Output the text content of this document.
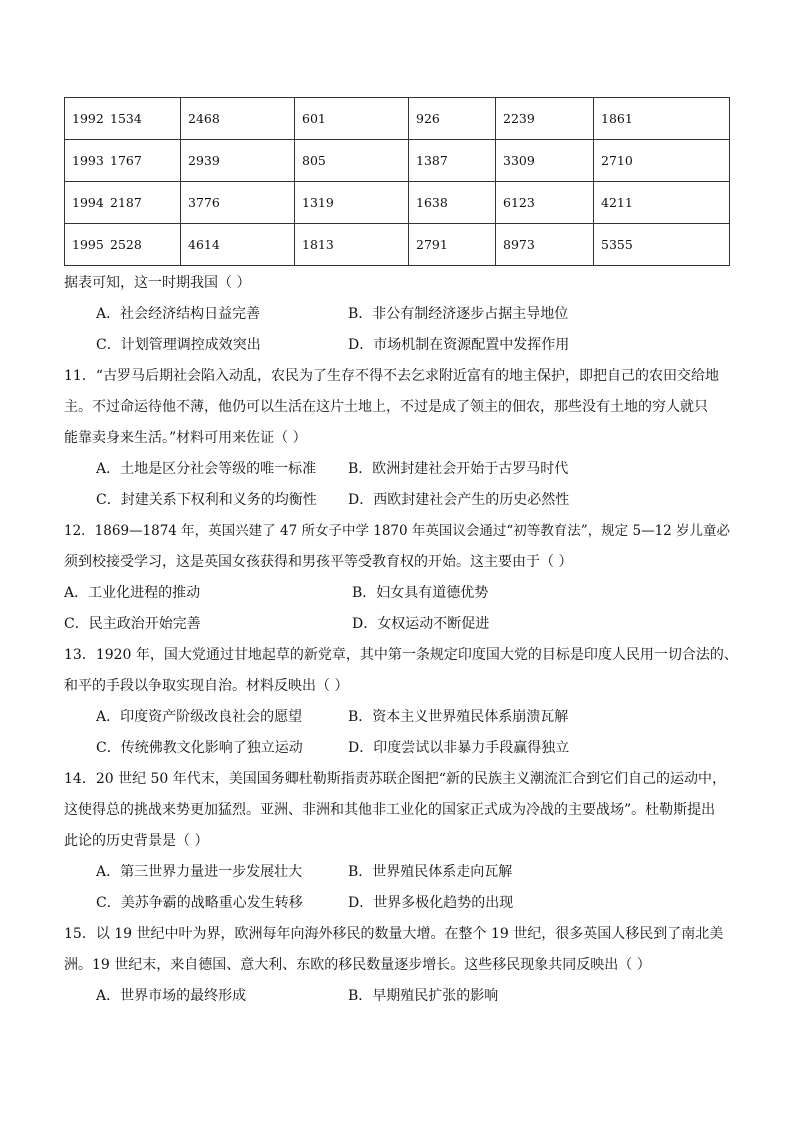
1992	1534	2468	601	926	2239	1861
1993	1767	2939	805	1387	3309	2710
1994	2187	3776	1319	1638	6123	4211
1995	2528	4614	1813	2791	8973	5355
据表可知，这一时期我国（ ）
A．社会经济结构日益完善	B．非公有制经济逐步占据主导地位
C．计划管理调控成效突出	D．市场机制在资源配置中发挥作用
11．“古罗马后期社会陷入动乱，农民为了生存不得不去乞求附近富有的地主保护，即把自己的农田交给地
主。不过命运待他不薄，他仍可以生活在这片土地上，不过是成了领主的佃农，那些没有土地的穷人就只
能靠卖身来生活。”材料可用来佐证（ ）
A．土地是区分社会等级的唯一标准 B．欧洲封建社会开始于古罗马时代
C．封建关系下权利和义务的均衡性 D．西欧封建社会产生的历史必然性
12．1869—1874 年，英国兴建了 47 所女子中学 1870 年英国议会通过“初等教育法”，规定 5—12 岁儿童必
须到校接受学习，这是英国女孩获得和男孩平等受教育权的开始。这主要由于（ ）
A．工业化进程的推动	B．妇女具有道德优势
C．民主政治开始完善	D．女权运动不断促进
13．1920 年，国大党通过甘地起草的新党章，其中第一条规定印度国大党的目标是印度人民用一切合法的、
和平的手段以争取实现自治。材料反映出（ ）
A．印度资产阶级改良社会的愿望	B．资本主义世界殖民体系崩溃瓦解
C．传统佛教文化影响了独立运动	D．印度尝试以非暴力手段赢得独立
14．20 世纪 50 年代末，美国国务卿杜勒斯指责苏联企图把“新的民族主义潮流汇合到它们自己的运动中，
这使得总的挑战来势更加猛烈。亚洲、非洲和其他非工业化的国家正式成为冷战的主要战场”。杜勒斯提出
此论的历史背景是（ ）
A．第三世界力量进一步发展壮大	B．世界殖民体系走向瓦解
C．美苏争霸的战略重心发生转移	D．世界多极化趋势的出现
15．以 19 世纪中叶为界，欧洲每年向海外移民的数量大增。在整个 19 世纪，很多英国人移民到了南北美
洲。19 世纪末，来自德国、意大利、东欧的移民数量逐步增长。这些移民现象共同反映出（ ）
A．世界市场的最终形成	B．早期殖民扩张的影响
